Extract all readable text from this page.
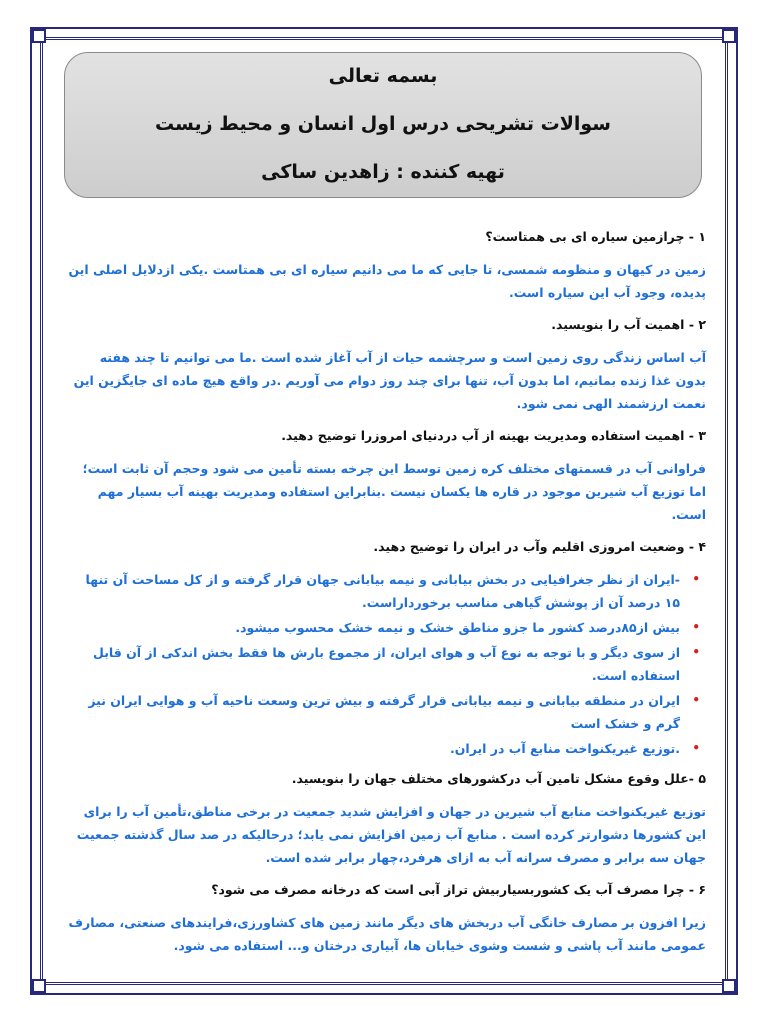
بسمه تعالی
سوالات تشریحی درس اول انسان و محیط زیست
تهیه کننده : زاهدین ساکی

۱ - چرازمین سیاره ای بی همتاست؟

زمین در کیهان و منظومه شمسی، تا جایی که ما می دانیم سیاره ای بی همتاست .یکی ازدلایل اصلی این پدیده، وجود آب این سیاره است.

۲ - اهمیت آب را بنویسید.

آب اساس زندگی روی زمین است و سرچشمه حیات از آب آغاز شده است .ما می توانیم تا چند هفته بدون غذا زنده بمانیم، اما بدون آب، تنها برای چند روز دوام می آوریم .در واقع هیچ ماده ای جایگزین این نعمت ارزشمند الهی نمی شود.

۳ - اهمیت استفاده ومدیریت بهینه از آب دردنیای امروزرا توضیح دهید.

فراوانی آب در قسمتهای مختلف کره زمین توسط این چرخه بسته تأمین می شود وحجم آن ثابت است؛ اما توزیع آب شیرین موجود در قاره ها یکسان نیست .بنابراین استفاده ومدیریت بهینه آب بسیار مهم است.

۴ - وضعیت امروزی اقلیم وآب در ایران را توضیح دهید.

•
-ایران از نظر جغرافیایی در بخش بیابانی و نیمه بیابانی جهان قرار گرفته و از کل مساحت آن تنها ۱۵ درصد آن از پوشش گیاهی مناسب برخورداراست.
•
بیش از۸۵درصد کشور ما جزو مناطق خشک و نیمه خشک محسوب میشود.
•
از سوی دیگر و با توجه به نوع آب و هوای ایران، از مجموع بارش ها فقط بخش اندکی از آن قابل استفاده است.
•
ایران در منطقه بیابانی و نیمه بیابانی قرار گرفته و بیش ترین وسعت ناحیه آب و هوایی ایران نیز گرم و خشک است
•
.توزیع غیریکنواخت منابع آب در ایران.

۵ -علل وقوع مشکل تامین آب درکشورهای مختلف جهان را بنویسید.

توزیع غیریکنواخت منابع آب شیرین در جهان و افزایش شدید جمعیت در برخی مناطق،تأمین آب را برای این کشورها دشوارتر کرده است . منابع آب زمین افزایش نمی یابد؛ درحالیکه در صد سال گذشته جمعیت جهان سه برابر و مصرف سرانه آب به ازای هرفرد،چهار برابر شده است.

۶ - چرا مصرف آب یک کشوربسیاربیش تراز آبی است که درخانه مصرف می شود؟

زیرا افزون بر مصارف خانگی آب دربخش های دیگر مانند زمین های کشاورزی،فرایندهای صنعتی، مصارف عمومی مانند آب پاشی و شست وشوی خیابان ها، آبیاری درختان و... استفاده می شود.
